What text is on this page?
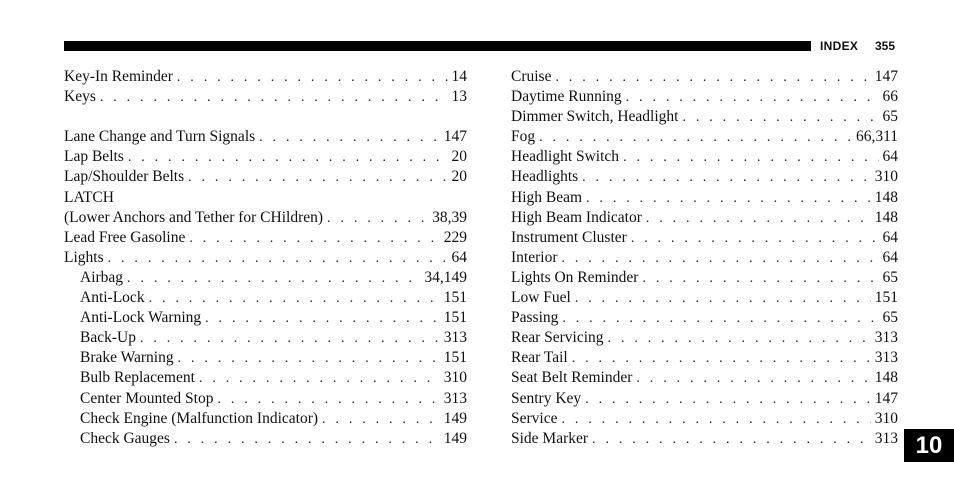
INDEX 355
Key-In Reminder . . .	14
Keys . . .	13
Lane Change and Turn Signals . . .	147
Lap Belts . . .	20
Lap/Shoulder Belts . . .	20
LATCH
(Lower Anchors and Tether for CHildren) . . .	38,39
Lead Free Gasoline . . .	229
Lights . . .	64
Airbag . . .	34,149
Anti-Lock . . .	151
Anti-Lock Warning . . .	151
Back-Up . . .	313
Brake Warning . . .	151
Bulb Replacement . . .	310
Center Mounted Stop . . .	313
Check Engine (Malfunction Indicator) . . .	149
Check Gauges . . .	149
Cruise . . .	147
Daytime Running . . .	66
Dimmer Switch, Headlight . . .	65
Fog . . .	66,311
Headlight Switch . . .	64
Headlights . . .	310
High Beam . . .	148
High Beam Indicator . . .	148
Instrument Cluster . . .	64
Interior . . .	64
Lights On Reminder . . .	65
Low Fuel . . .	151
Passing . . .	65
Rear Servicing . . .	313
Rear Tail . . .	313
Seat Belt Reminder . . .	148
Sentry Key . . .	147
Service . . .	310
Side Marker . . .	313 10
